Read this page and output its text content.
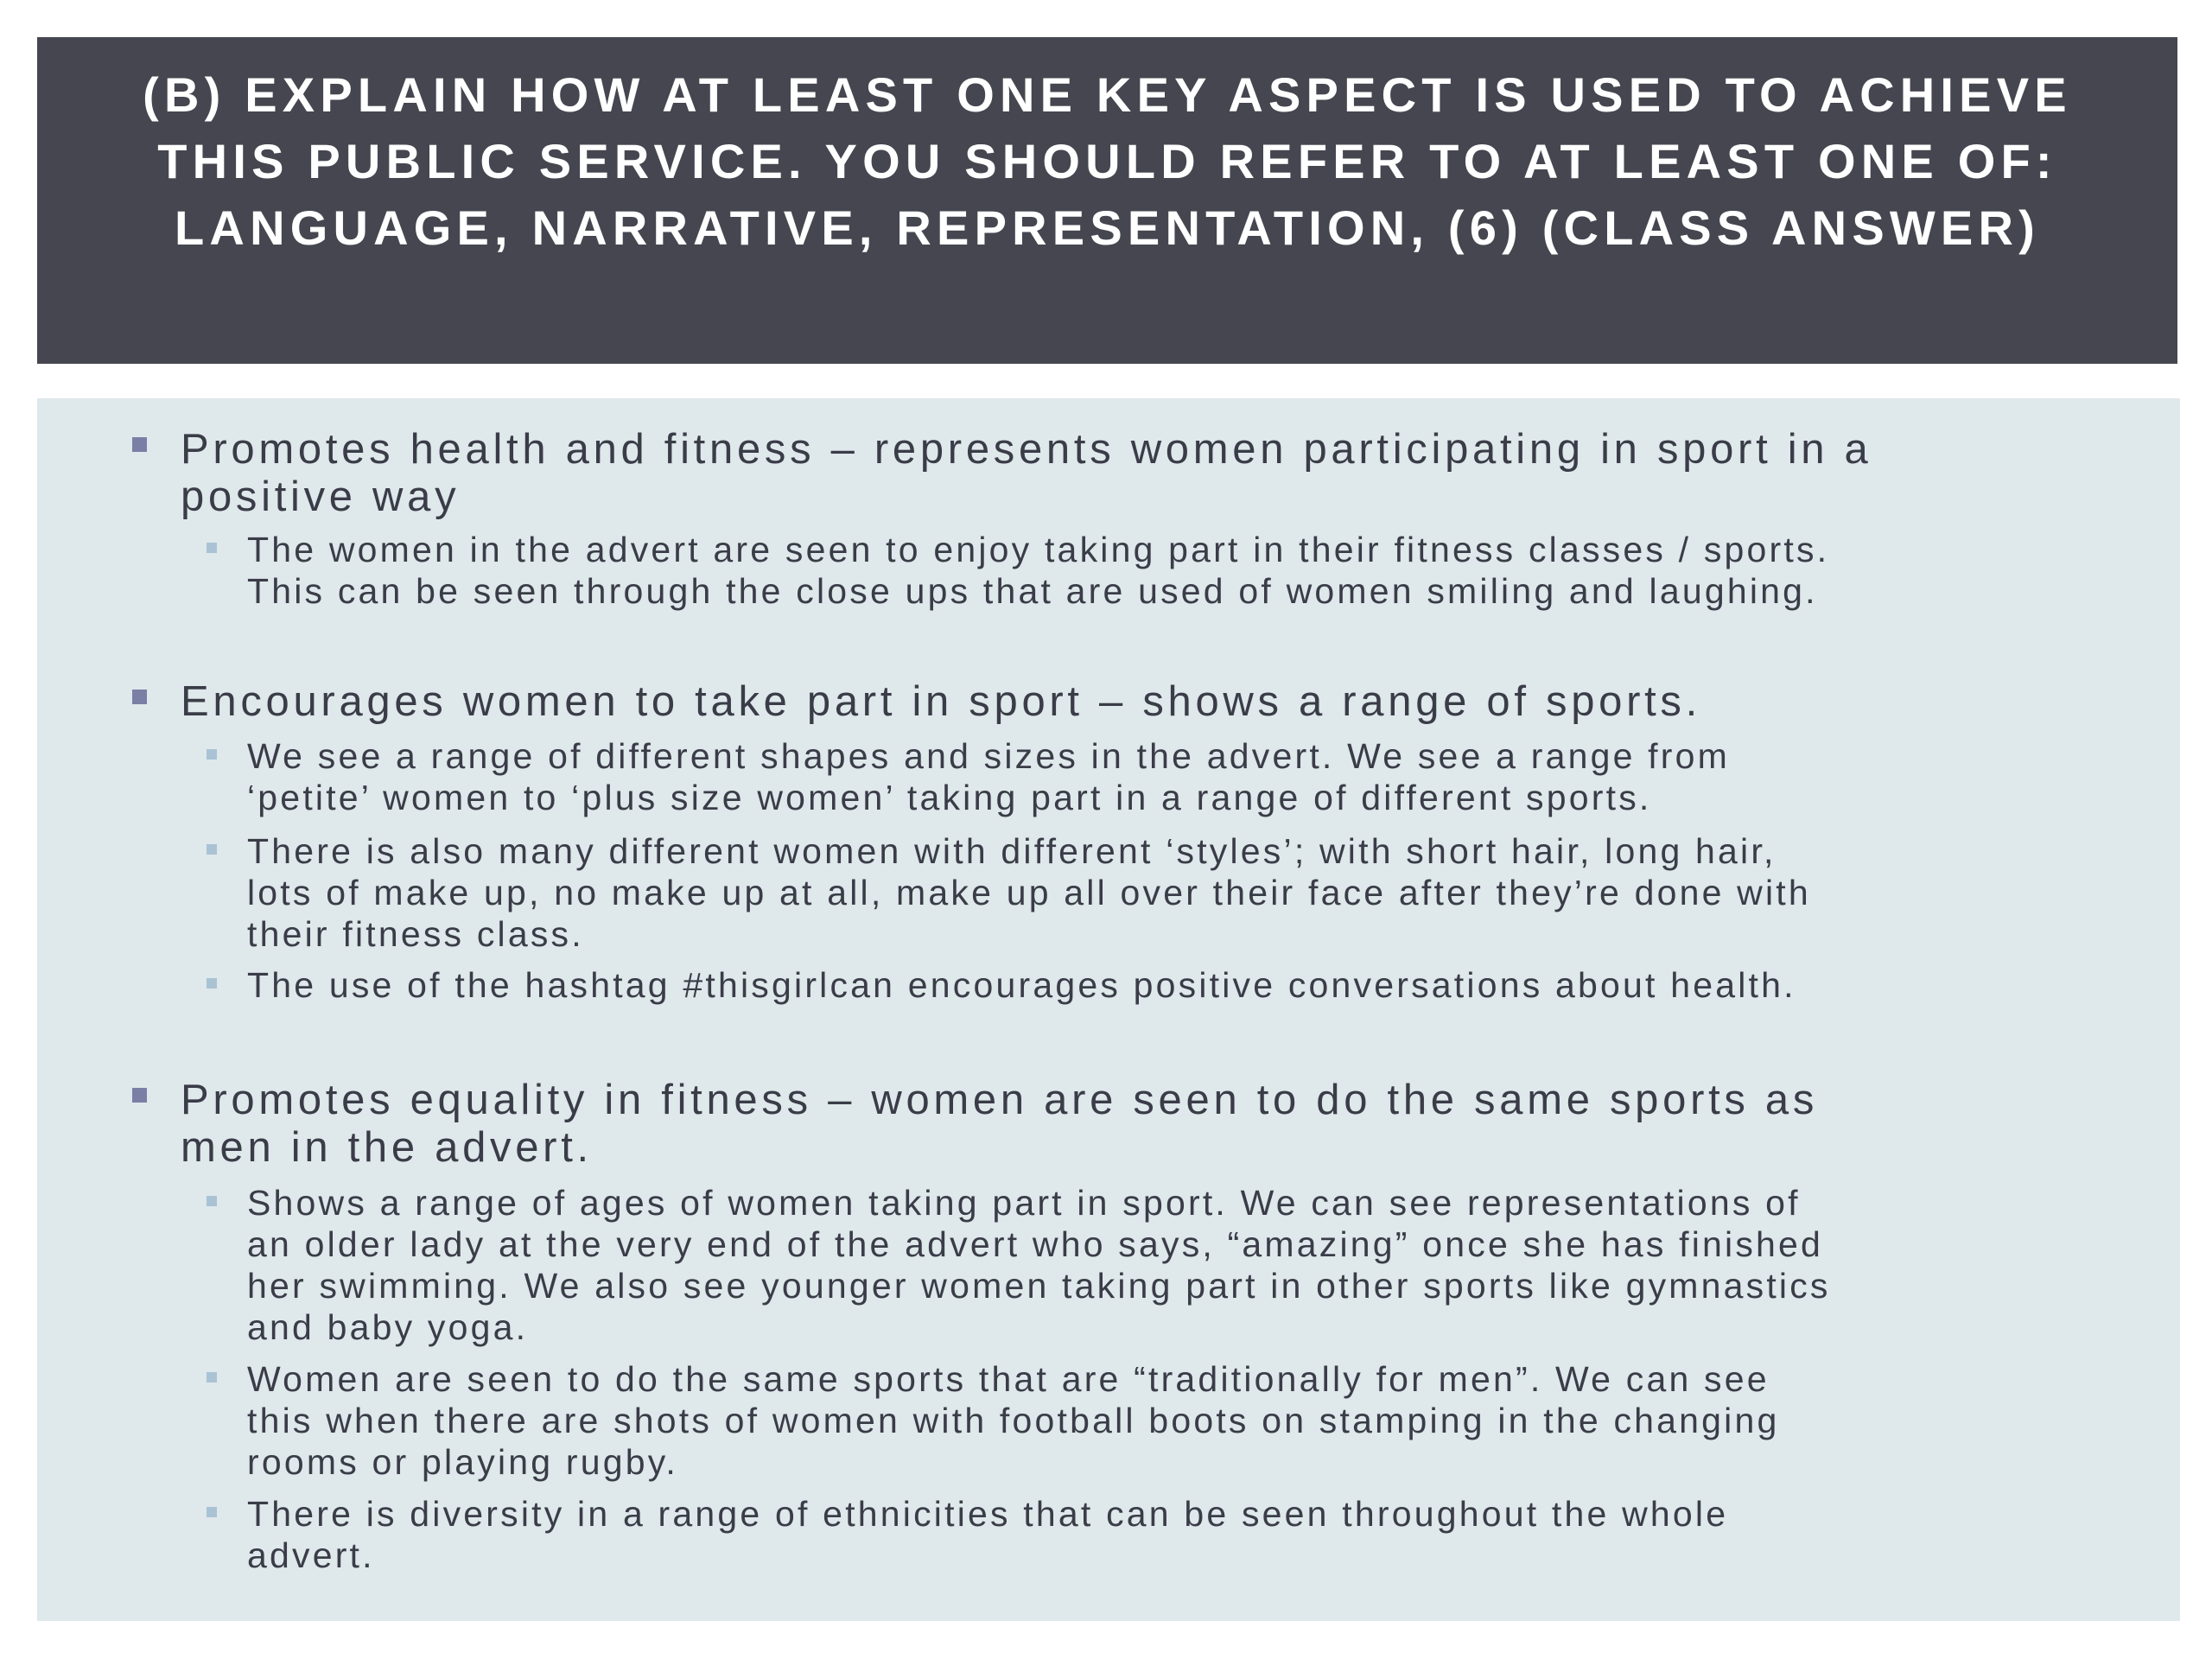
(B) EXPLAIN HOW AT LEAST ONE KEY ASPECT IS USED TO ACHIEVE
THIS PUBLIC SERVICE. YOU SHOULD REFER TO AT LEAST ONE OF:
LANGUAGE, NARRATIVE, REPRESENTATION, (6) (CLASS ANSWER)
Promotes health and fitness – represents women participating in sport in a
positive way
The women in the advert are seen to enjoy taking part in their fitness classes / sports.
This can be seen through the close ups that are used of women smiling and laughing.
Encourages women to take part in sport – shows a range of sports.
We see a range of different shapes and sizes in the advert. We see a range from
‘petite’ women to ‘plus size women’ taking part in a range of different sports.
There is also many different women with different ‘styles’; with short hair, long hair,
lots of make up, no make up at all, make up all over their face after they’re done with
their fitness class.
The use of the hashtag #thisgirlcan encourages positive conversations about health.
Promotes equality in fitness – women are seen to do the same sports as
men in the advert.
Shows a range of ages of women taking part in sport. We can see representations of
an older lady at the very end of the advert who says, “amazing” once she has finished
her swimming. We also see younger women taking part in other sports like gymnastics
and baby yoga.
Women are seen to do the same sports that are “traditionally for men”. We can see
this when there are shots of women with football boots on stamping in the changing
rooms or playing rugby.
There is diversity in a range of ethnicities that can be seen throughout the whole
advert.
